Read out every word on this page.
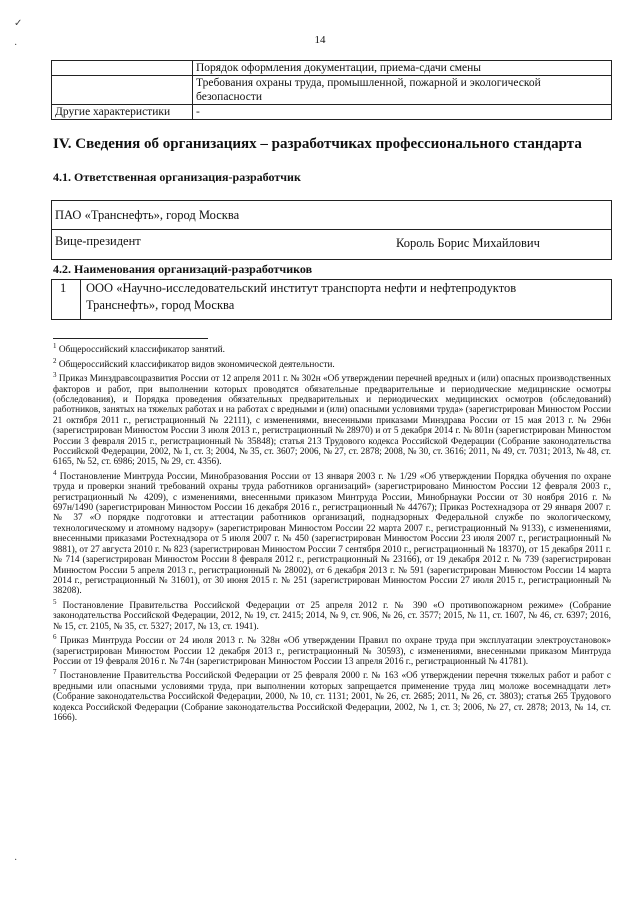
14
	Порядок оформления документации, приема-сдачи смены
	Требования охраны труда, промышленной, пожарной и экологической безопасности
Другие характеристики	-
IV. Сведения об организациях – разработчиках профессионального стандарта
4.1. Ответственная организация-разработчик
ПАО «Транснефть», город Москва
Вице-президент	Король Борис Михайлович
4.2. Наименования организаций-разработчиков
1 ООО «Научно-исследовательский институт транспорта нефти и нефтепродуктов
Транснефть», город Москва

$^1$ Общероссийский классификатор занятий.

$^2$ Общероссийский классификатор видов экономической деятельности.

$^3$ Приказ Минздравсоцразвития России от 12 апреля 2011 г. № 302н «Об утверждении перечней вредных и (или) опасных производственных факторов и работ, при выполнении которых проводятся обязательные предварительные и периодические медицинские осмотры (обследования), и Порядка проведения обязательных предварительных и периодических медицинских осмотров (обследований) работников, занятых на тяжелых работах и на работах с вредными и (или) опасными условиями труда» (зарегистрирован Минюстом России 21 октября 2011 г., регистрационный № 22111), с изменениями, внесенными приказами Минздрава России от 15 мая 2013 г. № 296н (зарегистрирован Минюстом России 3 июля 2013 г., регистрационный № 28970) и от 5 декабря 2014 г. № 801н (зарегистрирован Минюстом России 3 февраля 2015 г., регистрационный № 35848); статья 213 Трудового кодекса Российской Федерации (Собрание законодательства Российской Федерации, 2002, № 1, ст. 3; 2004, № 35, ст. 3607; 2006, № 27, ст. 2878; 2008, № 30, ст. 3616; 2011, № 49, ст. 7031; 2013, № 48, ст. 6165, № 52, ст. 6986; 2015, № 29, ст. 4356).

$^4$ Постановление Минтруда России, Минобразования России от 13 января 2003 г. № 1/29 «Об утверждении Порядка обучения по охране труда и проверки знаний требований охраны труда работников организаций» (зарегистрировано Минюстом России 12 февраля 2003 г., регистрационный № 4209), с изменениями, внесенными приказом Минтруда России, Минобрнауки России от 30 ноября 2016 г. № 697н/1490 (зарегистрирован Минюстом России 16 декабря 2016 г., регистрационный № 44767); Приказ Ростехнадзора от 29 января 2007 г. № 37 «О порядке подготовки и аттестации работников организаций, поднадзорных Федеральной службе по экологическому, технологическому и атомному надзору» (зарегистрирован Минюстом России 22 марта 2007 г., регистрационный № 9133), с изменениями, внесенными приказами Ростехнадзора от 5 июля 2007 г. № 450 (зарегистрирован Минюстом России 23 июля 2007 г., регистрационный № 9881), от 27 августа 2010 г. № 823 (зарегистрирован Минюстом России 7 сентября 2010 г., регистрационный № 18370), от 15 декабря 2011 г. № 714 (зарегистрирован Минюстом России 8 февраля 2012 г., регистрационный № 23166), от 19 декабря 2012 г. № 739 (зарегистрирован Минюстом России 5 апреля 2013 г., регистрационный № 28002), от 6 декабря 2013 г. № 591 (зарегистрирован Минюстом России 14 марта 2014 г., регистрационный № 31601), от 30 июня 2015 г. № 251 (зарегистрирован Минюстом России 27 июля 2015 г., регистрационный № 38208).

$^5$ Постановление Правительства Российской Федерации от 25 апреля 2012 г. № 390 «О противопожарном режиме» (Собрание законодательства Российской Федерации, 2012, № 19, ст. 2415; 2014, № 9, ст. 906, № 26, ст. 3577; 2015, № 11, ст. 1607, № 46, ст. 6397; 2016, № 15, ст. 2105, № 35, ст. 5327; 2017, № 13, ст. 1941).

$^6$ Приказ Минтруда России от 24 июля 2013 г. № 328н «Об утверждении Правил по охране труда при эксплуатации электроустановок» (зарегистрирован Минюстом России 12 декабря 2013 г., регистрационный № 30593), с изменениями, внесенными приказом Минтруда России от 19 февраля 2016 г. № 74н (зарегистрирован Минюстом России 13 апреля 2016 г., регистрационный № 41781).

$^7$ Постановление Правительства Российской Федерации от 25 февраля 2000 г. № 163 «Об утверждении перечня тяжелых работ и работ с вредными или опасными условиями труда, при выполнении которых запрещается применение труда лиц моложе восемнадцати лет» (Собрание законодательства Российской Федерации, 2000, № 10, ст. 1131; 2001, № 26, ст. 2685; 2011, № 26, ст. 3803); статья 265 Трудового кодекса Российской Федерации (Собрание законодательства Российской Федерации, 2002, № 1, ст. 3; 2006, № 27, ст. 2878; 2013, № 14, ст. 1666).

✓
·
·
